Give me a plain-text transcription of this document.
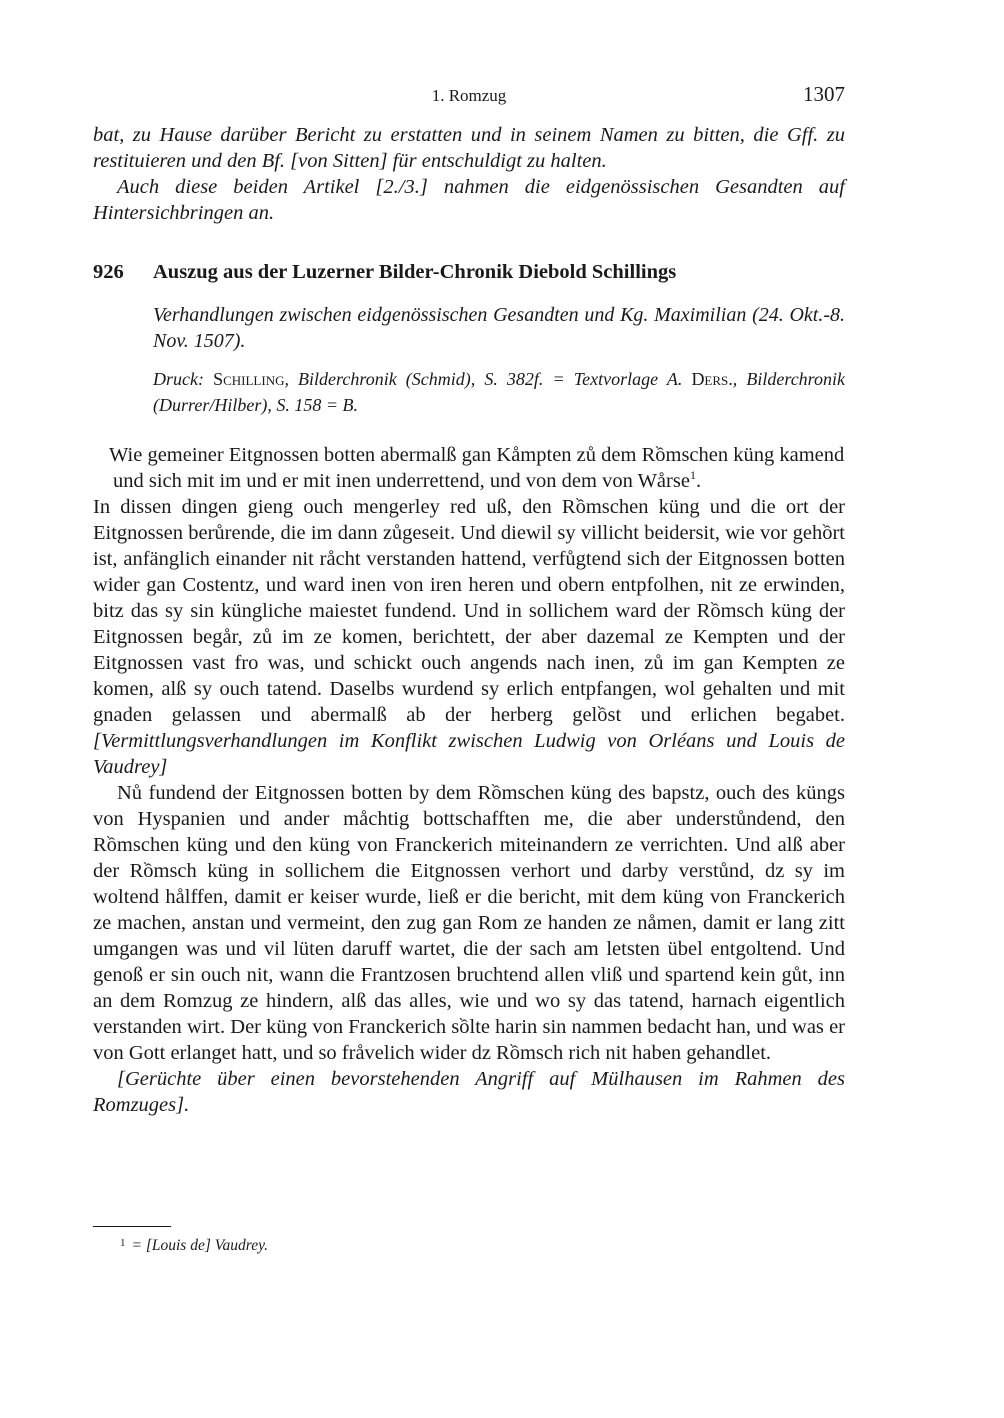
1. Romzug	1307

bat, zu Hause darüber Bericht zu erstatten und in seinem Namen zu bitten, die Gff. zu restituieren und den Bf. [von Sitten] für entschuldigt zu halten.

Auch diese beiden Artikel [2./3.] nahmen die eidgenössischen Gesandten auf Hintersichbringen an.

926 Auszug aus der Luzerner Bilder-Chronik Diebold Schillings
Verhandlungen zwischen eidgenössischen Gesandten und Kg. Maximilian (24. Okt.-8. Nov. 1507).
Druck: Schilling, Bilderchronik (Schmid), S. 382f. = Textvorlage A. Ders., Bilderchronik (Durrer/Hilber), S. 158 = B.

Wie gemeiner Eitgnossen botten abermalß gan Kåmpten zů dem Rồmschen küng kamend und sich mit im und er mit inen underrettend, und von dem von Wårse$^1$.

In dissen dingen gieng ouch mengerley red uß, den Rồmschen küng und die ort der Eitgnossen berůrende, die im dann zůgeseit. Und diewil sy villicht beidersit, wie vor gehồrt ist, anfänglich einander nit råcht verstanden hattend, verfůgtend sich der Eitgnossen botten wider gan Costentz, und ward inen von iren heren und obern entpfolhen, nit ze erwinden, bitz das sy sin küngliche maiestet fundend. Und in sollichem ward der Rồmsch küng der Eitgnossen begår, zů im ze komen, berichtett, der aber dazemal ze Kempten und der Eitgnossen vast fro was, und schickt ouch angends nach inen, zů im gan Kempten ze komen, alß sy ouch tatend. Daselbs wurdend sy erlich entpfangen, wol gehalten und mit gnaden gelassen und abermalß ab der herberg gelồst und erlichen begabet. [Vermittlungsverhandlungen im Konflikt zwischen Ludwig von Orléans und Louis de Vaudrey]

Nů fundend der Eitgnossen botten by dem Rồmschen küng des bapstz, ouch des küngs von Hyspanien und ander måchtig bottschafften me, die aber understůndend, den Rồmschen küng und den küng von Franckerich miteinandern ze verrichten. Und alß aber der Rồmsch küng in sollichem die Eitgnossen verhort und darby verstůnd, dz sy im woltend hålffen, damit er keiser wurde, ließ er die bericht, mit dem küng von Franckerich ze machen, anstan und vermeint, den zug gan Rom ze handen ze nåmen, damit er lang zitt umgangen was und vil lüten daruff wartet, die der sach am letsten übel entgoltend. Und genoß er sin ouch nit, wann die Frantzosen bruchtend allen vliß und spartend kein gůt, inn an dem Romzug ze hindern, alß das alles, wie und wo sy das tatend, harnach eigentlich verstanden wirt. Der küng von Franckerich sồlte harin sin nammen bedacht han, und was er von Gott erlanget hatt, und so fråvelich wider dz Rồmsch rich nit haben gehandlet.

[Gerüchte über einen bevorstehenden Angriff auf Mülhausen im Rahmen des Romzuges].

$^1$ = [Louis de] Vaudrey.
